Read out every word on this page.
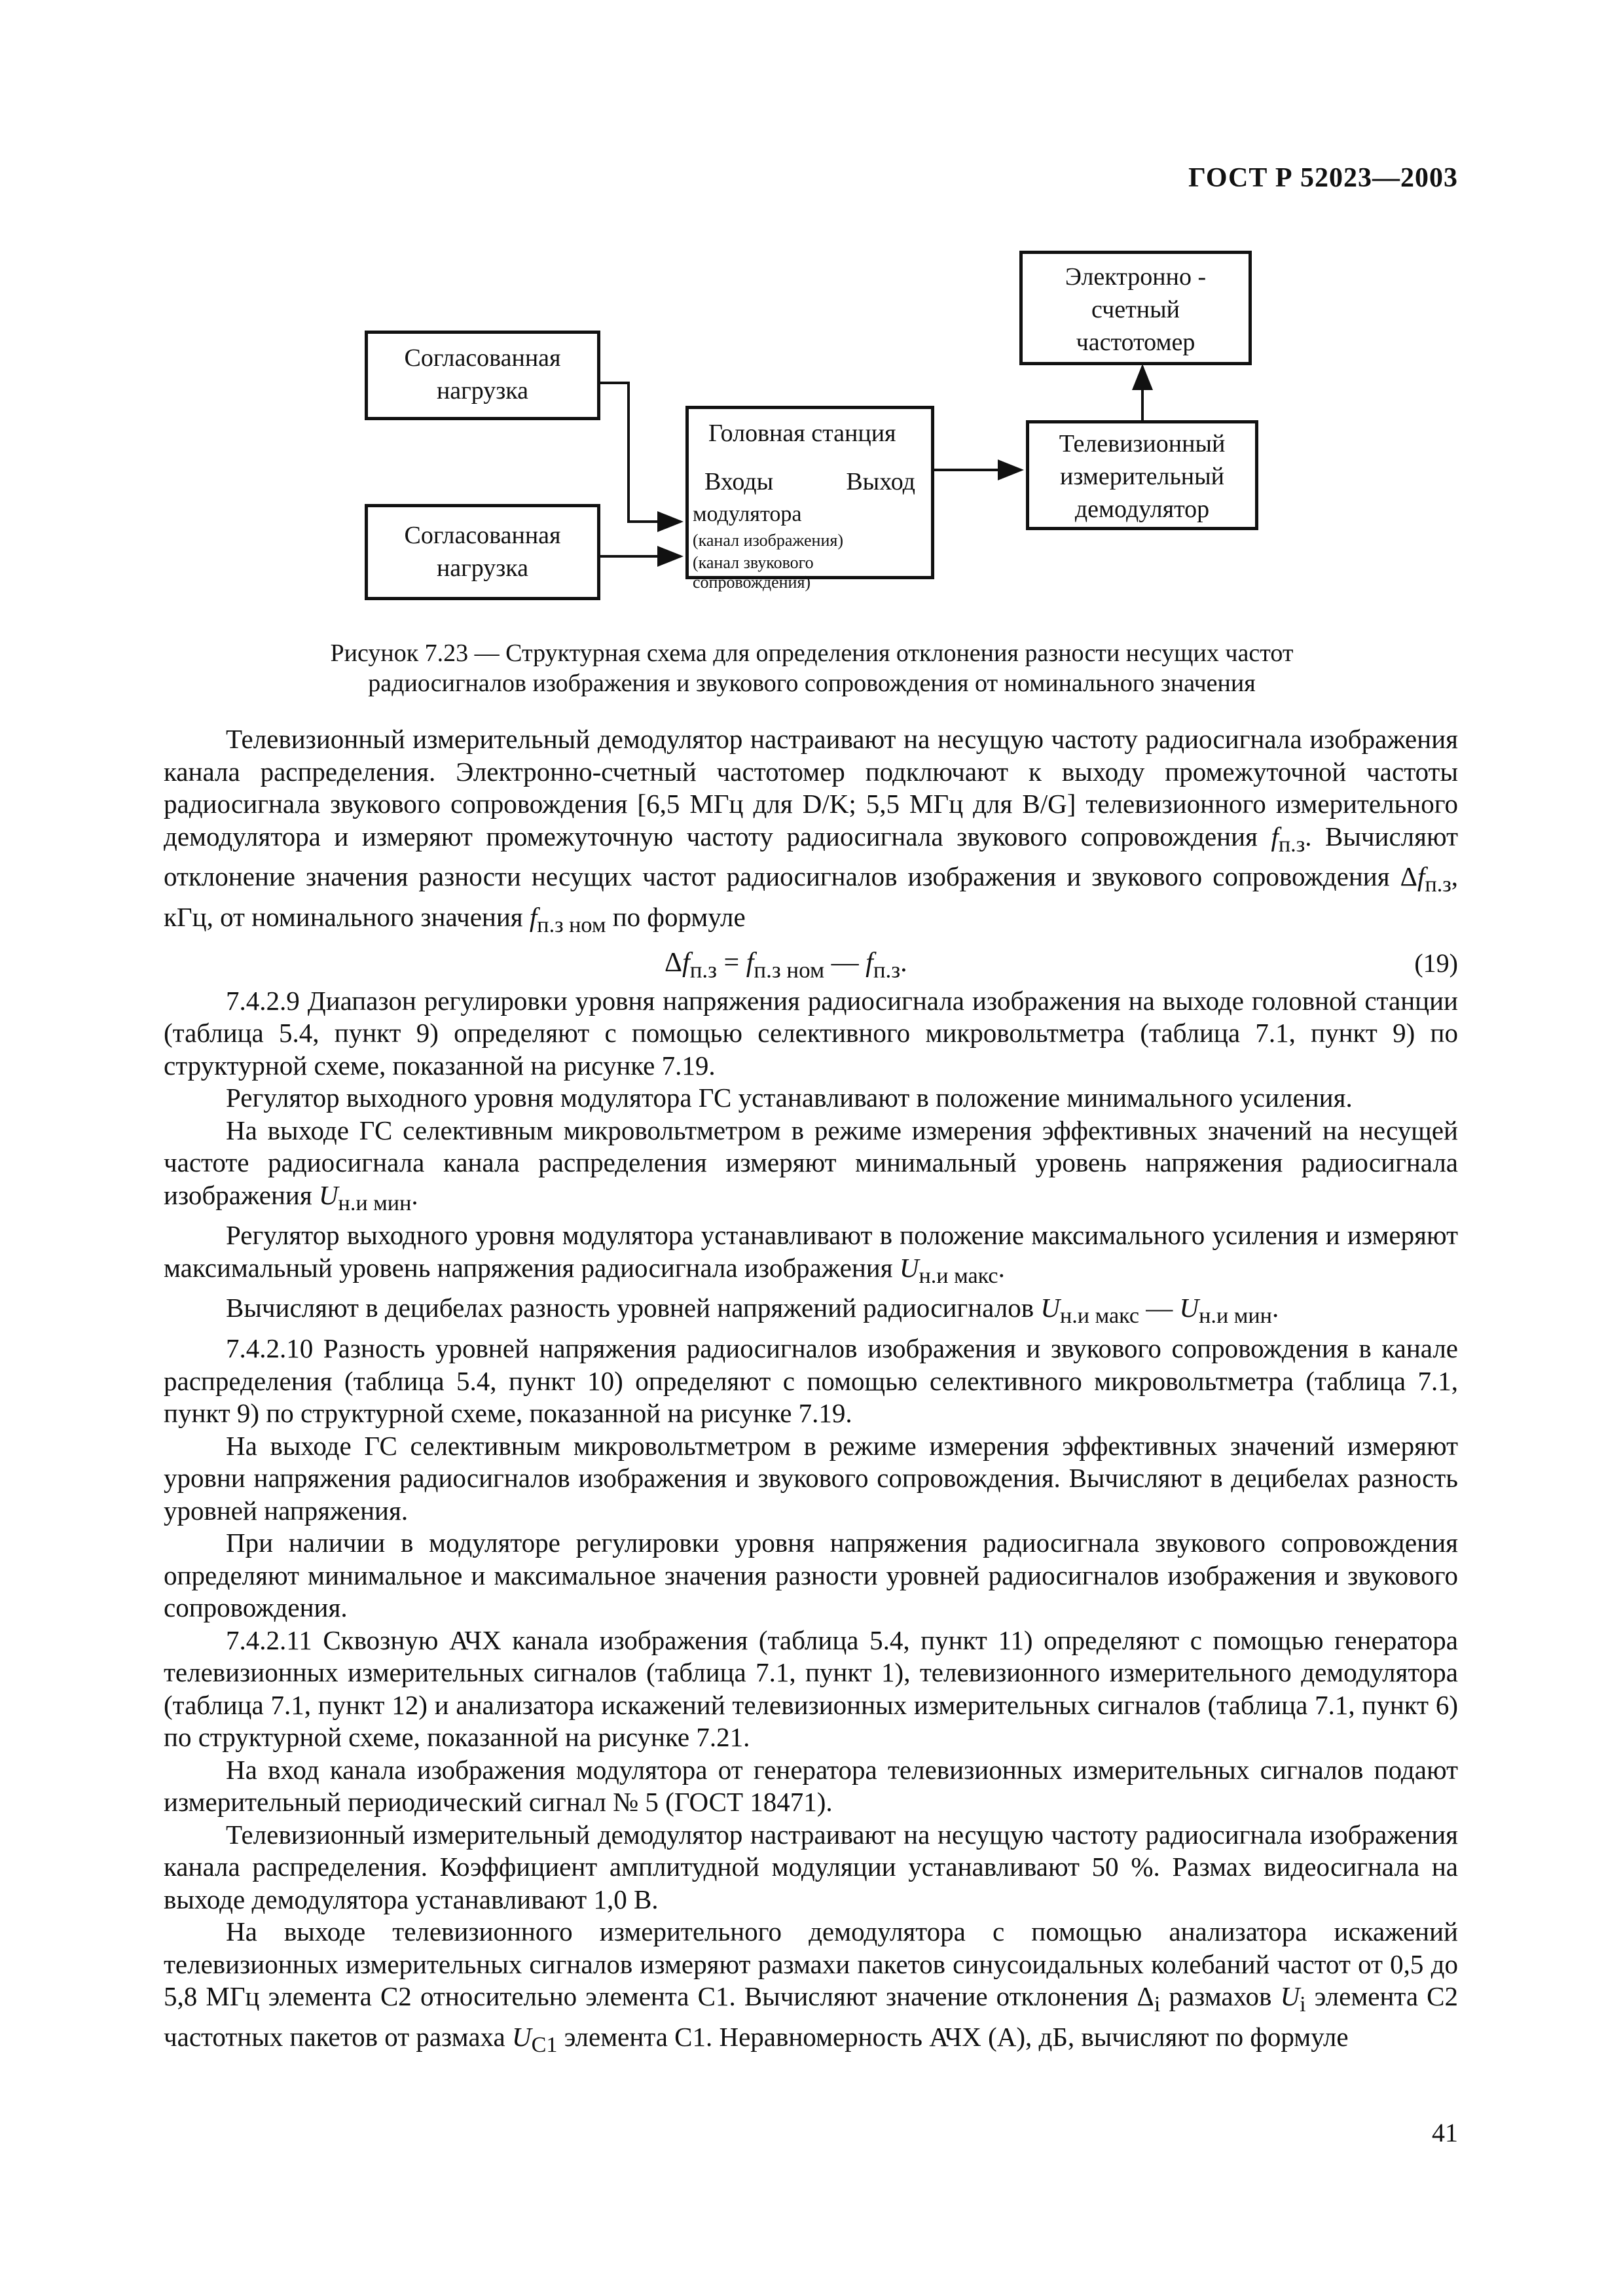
ГОСТ Р 52023—2003
Согласованная
нагрузка
Согласованная
нагрузка
Головная станция
Входы	Выход
модулятора
(канал изображения)
(канал звукового
сопровождения)
Электронно -
счетный
частотомер
Телевизионный
измерительный
демодулятор
Рисунок 7.23 — Структурная схема для определения отклонения разности несущих частот
радиосигналов изображения и звукового сопровождения от номинального значения

Телевизионный измерительный демодулятор настраивают на несущую частоту радиосигнала изображения канала распределения. Электронно-счетный частотомер подключают к выходу промежуточной частоты радиосигнала звукового сопровождения [6,5 МГц для D/K; 5,5 МГц для B/G] телевизионного измерительного демодулятора и измеряют промежуточную частоту радиосигнала звукового сопровождения $f_{п.з}$. Вычисляют отклонение значения разности несущих частот радиосигналов изображения и звукового сопровождения $\Delta f_{п.з}$, кГц, от номинального значения $f_{п.з ном}$ по формуле

$\Delta f_{п.з} = f_{п.з ном}$ — $f_{п.з}$.	(19)

7.4.2.9 Диапазон регулировки уровня напряжения радиосигнала изображения на выходе головной станции (таблица 5.4, пункт 9) определяют с помощью селективного микровольтметра (таблица 7.1, пункт 9) по структурной схеме, показанной на рисунке 7.19.

Регулятор выходного уровня модулятора ГС устанавливают в положение минимального усиления.

На выходе ГС селективным микровольтметром в режиме измерения эффективных значений на несущей частоте радиосигнала канала распределения измеряют минимальный уровень напряжения радиосигнала изображения $U_{н.и мин}$.

Регулятор выходного уровня модулятора устанавливают в положение максимального усиления и измеряют максимальный уровень напряжения радиосигнала изображения $U_{н.и макс}$.

Вычисляют в децибелах разность уровней напряжений радиосигналов $U_{н.и макс}$ — $U_{н.и мин}$.

7.4.2.10 Разность уровней напряжения радиосигналов изображения и звукового сопровождения в канале распределения (таблица 5.4, пункт 10) определяют с помощью селективного микровольтметра (таблица 7.1, пункт 9) по структурной схеме, показанной на рисунке 7.19.

На выходе ГС селективным микровольтметром в режиме измерения эффективных значений измеряют уровни напряжения радиосигналов изображения и звукового сопровождения. Вычисляют в децибелах разность уровней напряжения.

При наличии в модуляторе регулировки уровня напряжения радиосигнала звукового сопровождения определяют минимальное и максимальное значения разности уровней радиосигналов изображения и звукового сопровождения.

7.4.2.11 Сквозную АЧХ канала изображения (таблица 5.4, пункт 11) определяют с помощью генератора телевизионных измерительных сигналов (таблица 7.1, пункт 1), телевизионного измерительного демодулятора (таблица 7.1, пункт 12) и анализатора искажений телевизионных измерительных сигналов (таблица 7.1, пункт 6) по структурной схеме, показанной на рисунке 7.21.

На вход канала изображения модулятора от генератора телевизионных измерительных сигналов подают измерительный периодический сигнал № 5 (ГОСТ 18471).

Телевизионный измерительный демодулятор настраивают на несущую частоту радиосигнала изображения канала распределения. Коэффициент амплитудной модуляции устанавливают 50 %. Размах видеосигнала на выходе демодулятора устанавливают 1,0 В.

На выходе телевизионного измерительного демодулятора с помощью анализатора искажений телевизионных измерительных сигналов измеряют размахи пакетов синусоидальных колебаний частот от 0,5 до 5,8 МГц элемента С2 относительно элемента С1. Вычисляют значение отклонения $\Delta_i$ размахов $U_i$ элемента С2 частотных пакетов от размаха $U_{C1}$ элемента С1. Неравномерность АЧХ (А), дБ, вычисляют по формуле

41
